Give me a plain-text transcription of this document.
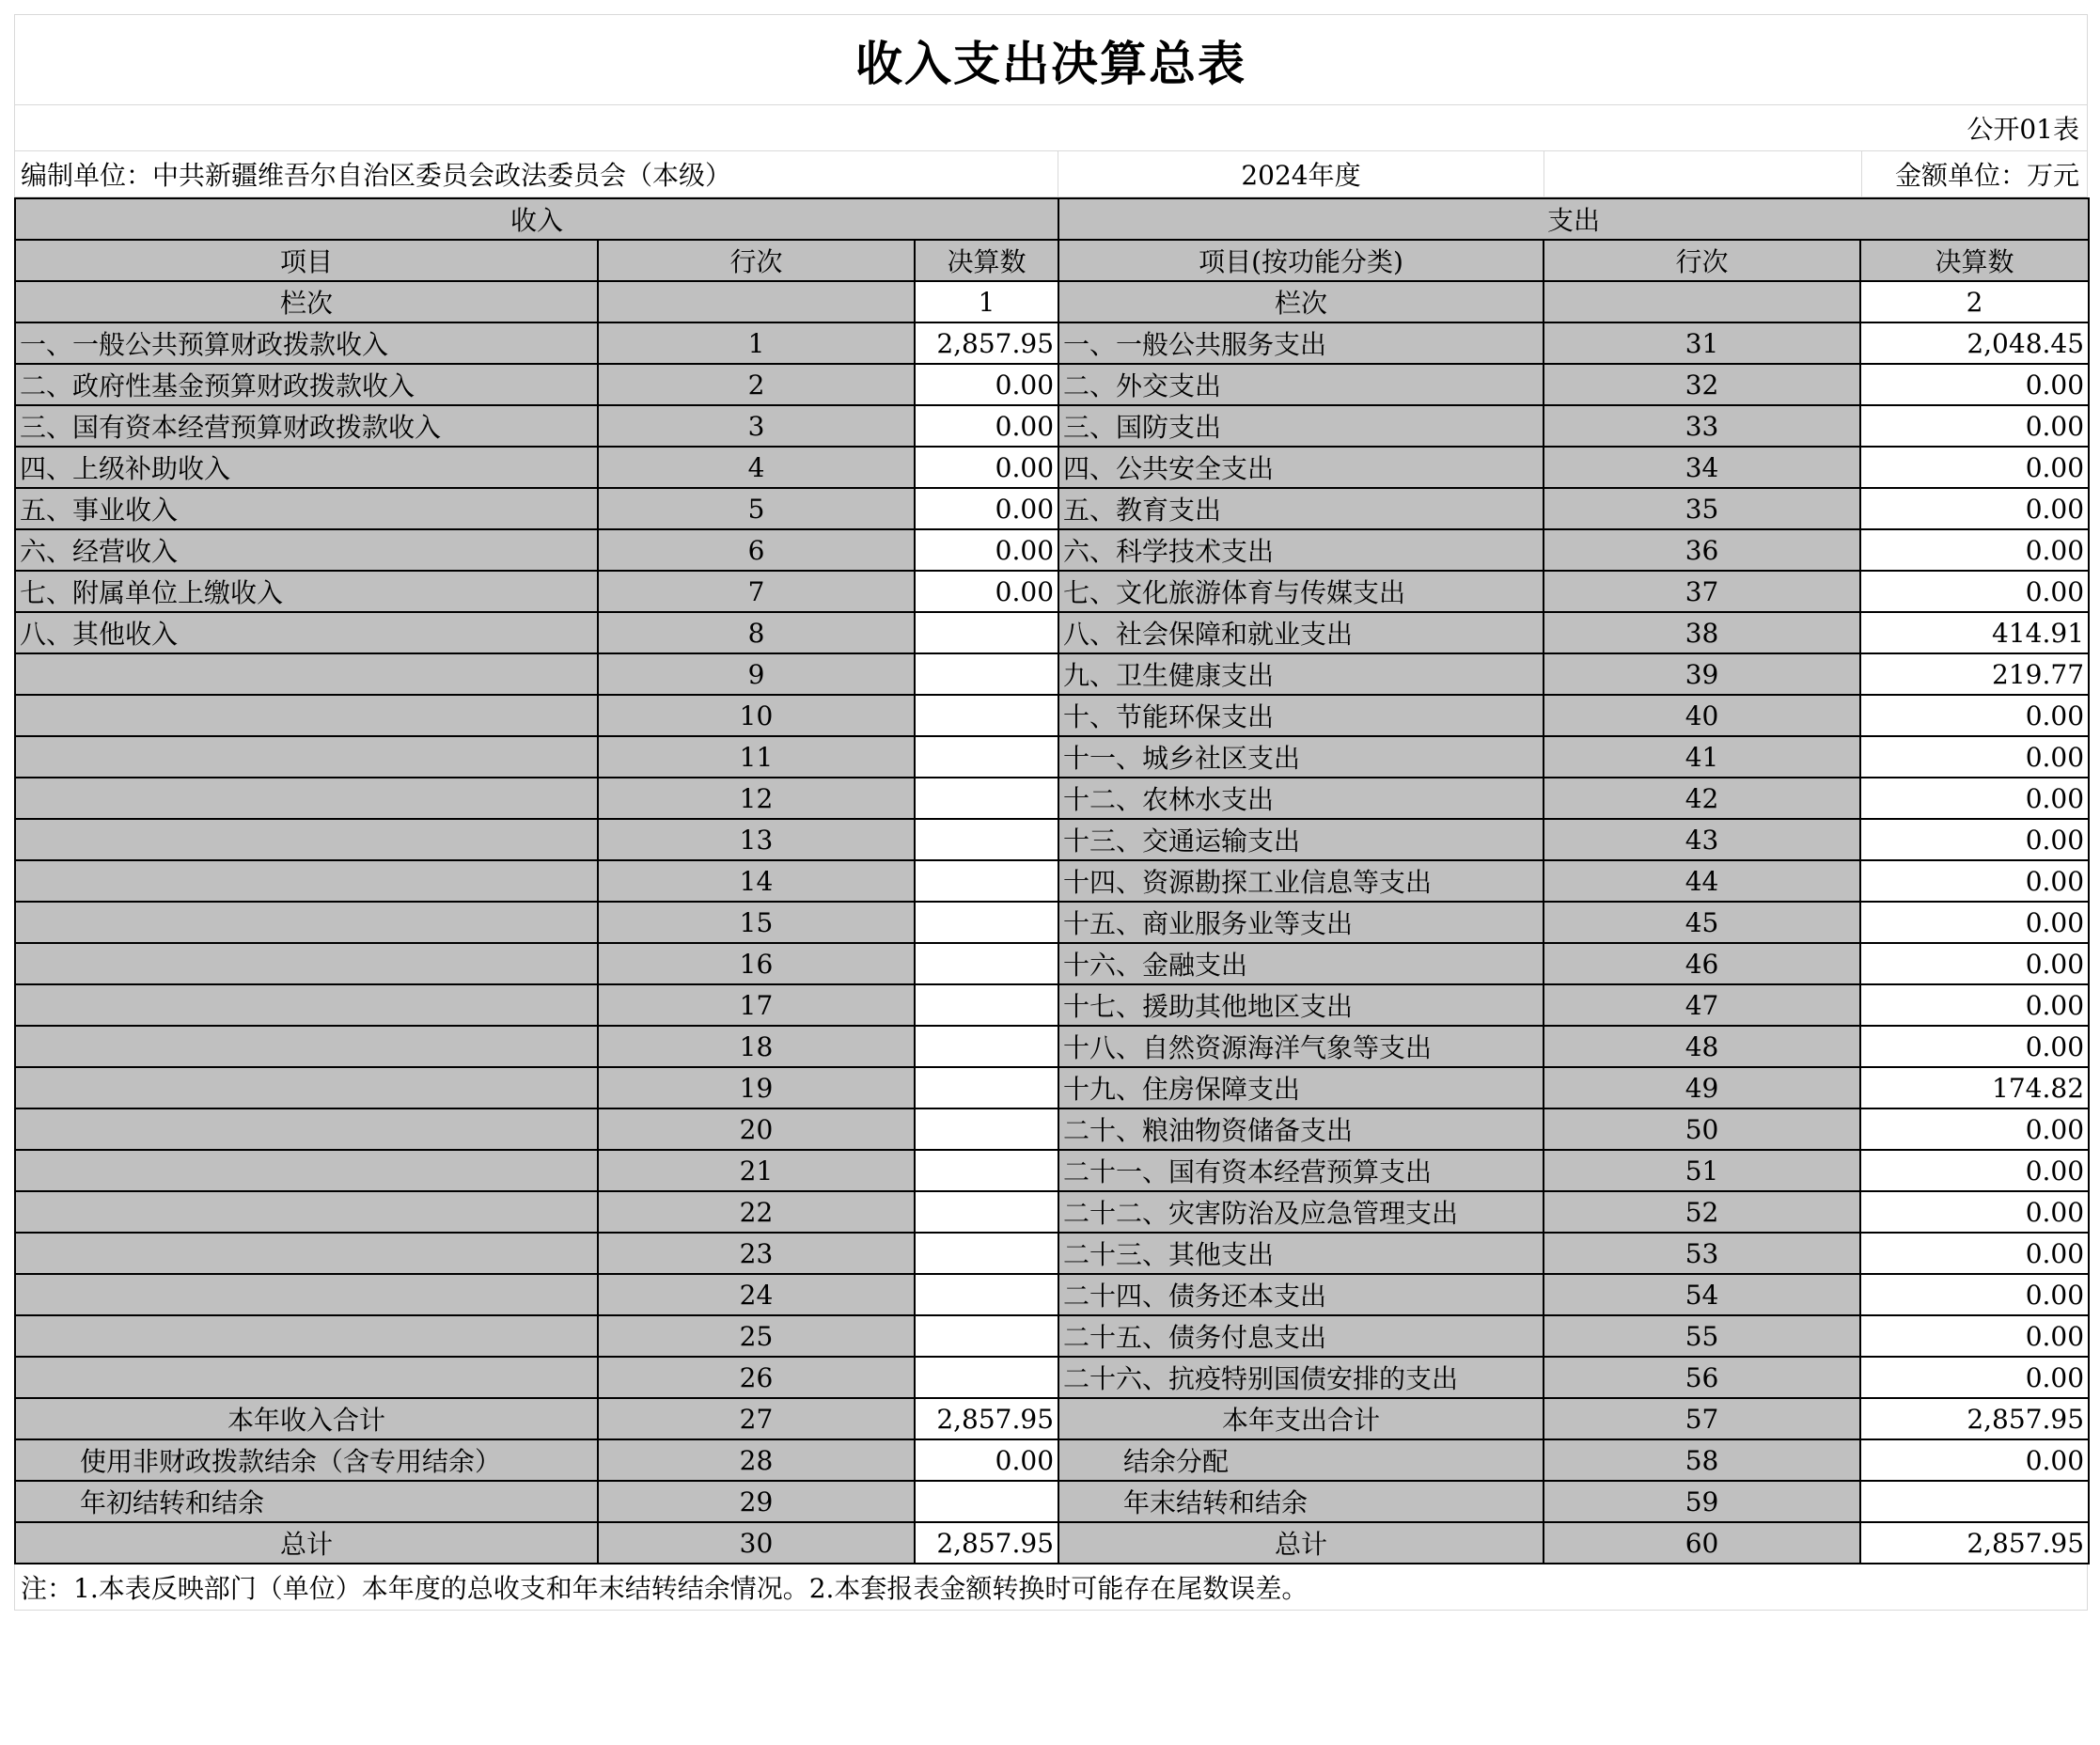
收入支出决算总表
公开01表
编制单位：中共新疆维吾尔自治区委员会政法委员会（本级）	2024年度	金额单位：万元
收入			支出		
项目	行次	决算数	项目(按功能分类)	行次	决算数
栏次		1	栏次		2
一、一般公共预算财政拨款收入	1	2,857.95	一、一般公共服务支出	31	2,048.45
二、政府性基金预算财政拨款收入	2	0.00	二、外交支出	32	0.00
三、国有资本经营预算财政拨款收入	3	0.00	三、国防支出	33	0.00
四、上级补助收入	4	0.00	四、公共安全支出	34	0.00
五、事业收入	5	0.00	五、教育支出	35	0.00
六、经营收入	6	0.00	六、科学技术支出	36	0.00
七、附属单位上缴收入	7	0.00	七、文化旅游体育与传媒支出	37	0.00
八、其他收入	8		八、社会保障和就业支出	38	414.91
	9		九、卫生健康支出	39	219.77
	10		十、节能环保支出	40	0.00
	11		十一、城乡社区支出	41	0.00
	12		十二、农林水支出	42	0.00
	13		十三、交通运输支出	43	0.00
	14		十四、资源勘探工业信息等支出	44	0.00
	15		十五、商业服务业等支出	45	0.00
	16		十六、金融支出	46	0.00
	17		十七、援助其他地区支出	47	0.00
	18		十八、自然资源海洋气象等支出	48	0.00
	19		十九、住房保障支出	49	174.82
	20		二十、粮油物资储备支出	50	0.00
	21		二十一、国有资本经营预算支出	51	0.00
	22		二十二、灾害防治及应急管理支出	52	0.00
	23		二十三、其他支出	53	0.00
	24		二十四、债务还本支出	54	0.00
	25		二十五、债务付息支出	55	0.00
	26		二十六、抗疫特别国债安排的支出	56	0.00
本年收入合计	27	2,857.95	本年支出合计	57	2,857.95
使用非财政拨款结余（含专用结余）	28	0.00	结余分配	58	0.00
年初结转和结余	29		年末结转和结余	59	
总计	30	2,857.95	总计	60	2,857.95
注：1.本表反映部门（单位）本年度的总收支和年末结转结余情况。2.本套报表金额转换时可能存在尾数误差。
